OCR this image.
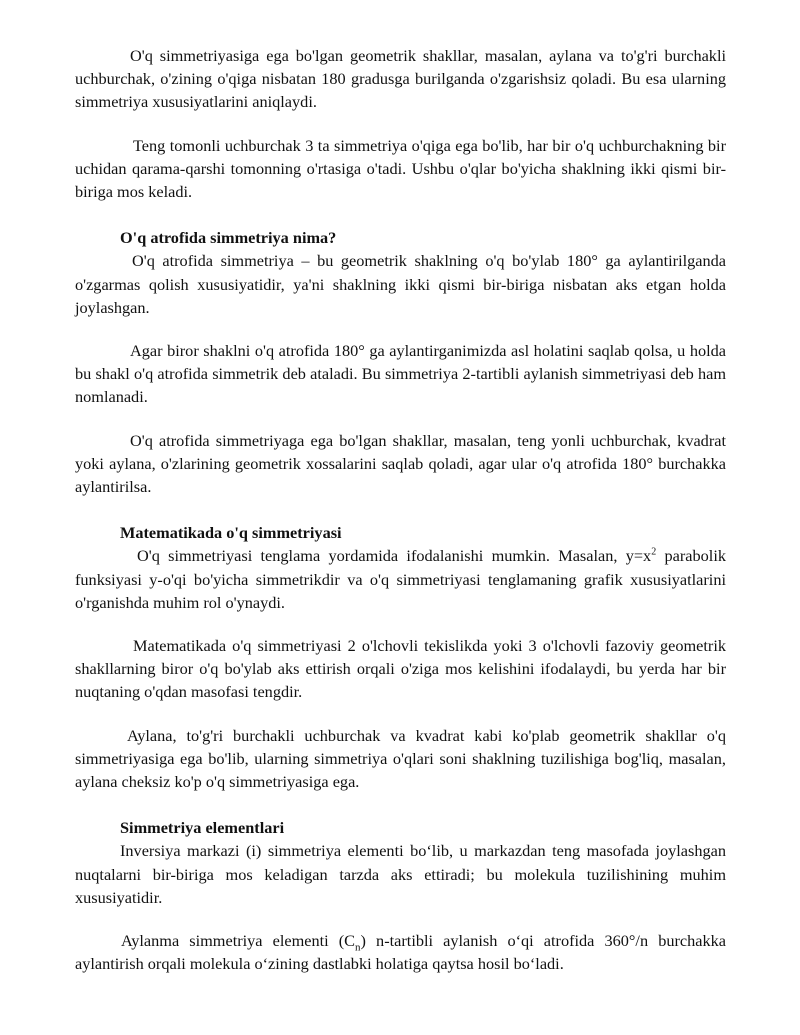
O'q simmetriyasiga ega bo'lgan geometrik shakllar, masalan, aylana va to'g'ri burchakli uchburchak, o'zining o'qiga nisbatan 180 gradusga burilganda o'zgarishsiz qoladi. Bu esa ularning simmetriya xususiyatlarini aniqlaydi.

Teng tomonli uchburchak 3 ta simmetriya o'qiga ega bo'lib, har bir o'q uchburchakning bir uchidan qarama-qarshi tomonning o'rtasiga o'tadi. Ushbu o'qlar bo'yicha shaklning ikki qismi bir-biriga mos keladi.

O'q atrofida simmetriya nima?

O'q atrofida simmetriya – bu geometrik shaklning o'q bo'ylab 180° ga aylantirilganda o'zgarmas qolish xususiyatidir, ya'ni shaklning ikki qismi bir-biriga nisbatan aks etgan holda joylashgan.

Agar biror shaklni o'q atrofida 180° ga aylantirganimizda asl holatini saqlab qolsa, u holda bu shakl o'q atrofida simmetrik deb ataladi. Bu simmetriya 2-tartibli aylanish simmetriyasi deb ham nomlanadi.

O'q atrofida simmetriyaga ega bo'lgan shakllar, masalan, teng yonli uchburchak, kvadrat yoki aylana, o'zlarining geometrik xossalarini saqlab qoladi, agar ular o'q atrofida 180° burchakka aylantirilsa.

Matematikada o'q simmetriyasi

O'q simmetriyasi tenglama yordamida ifodalanishi mumkin. Masalan, $y=x^2$ parabolik funksiyasi y-o'qi bo'yicha simmetrikdir va o'q simmetriyasi tenglamaning grafik xususiyatlarini o'rganishda muhim rol o'ynaydi.

Matematikada o'q simmetriyasi 2 o'lchovli tekislikda yoki 3 o'lchovli fazoviy geometrik shakllarning biror o'q bo'ylab aks ettirish orqali o'ziga mos kelishini ifodalaydi, bu yerda har bir nuqtaning o'qdan masofasi tengdir.

Aylana, to'g'ri burchakli uchburchak va kvadrat kabi ko'plab geometrik shakllar o'q simmetriyasiga ega bo'lib, ularning simmetriya o'qlari soni shaklning tuzilishiga bog'liq, masalan, aylana cheksiz ko'p o'q simmetriyasiga ega.

Simmetriya elementlari

Inversiya markazi (i) simmetriya elementi bo‘lib, u markazdan teng masofada joylashgan nuqtalarni bir-biriga mos keladigan tarzda aks ettiradi; bu molekula tuzilishining muhim xususiyatidir.

Aylanma simmetriya elementi $(C_n)$ n-tartibli aylanish o‘qi atrofida 360°/n burchakka aylantirish orqali molekula o‘zining dastlabki holatiga qaytsa hosil bo‘ladi.
